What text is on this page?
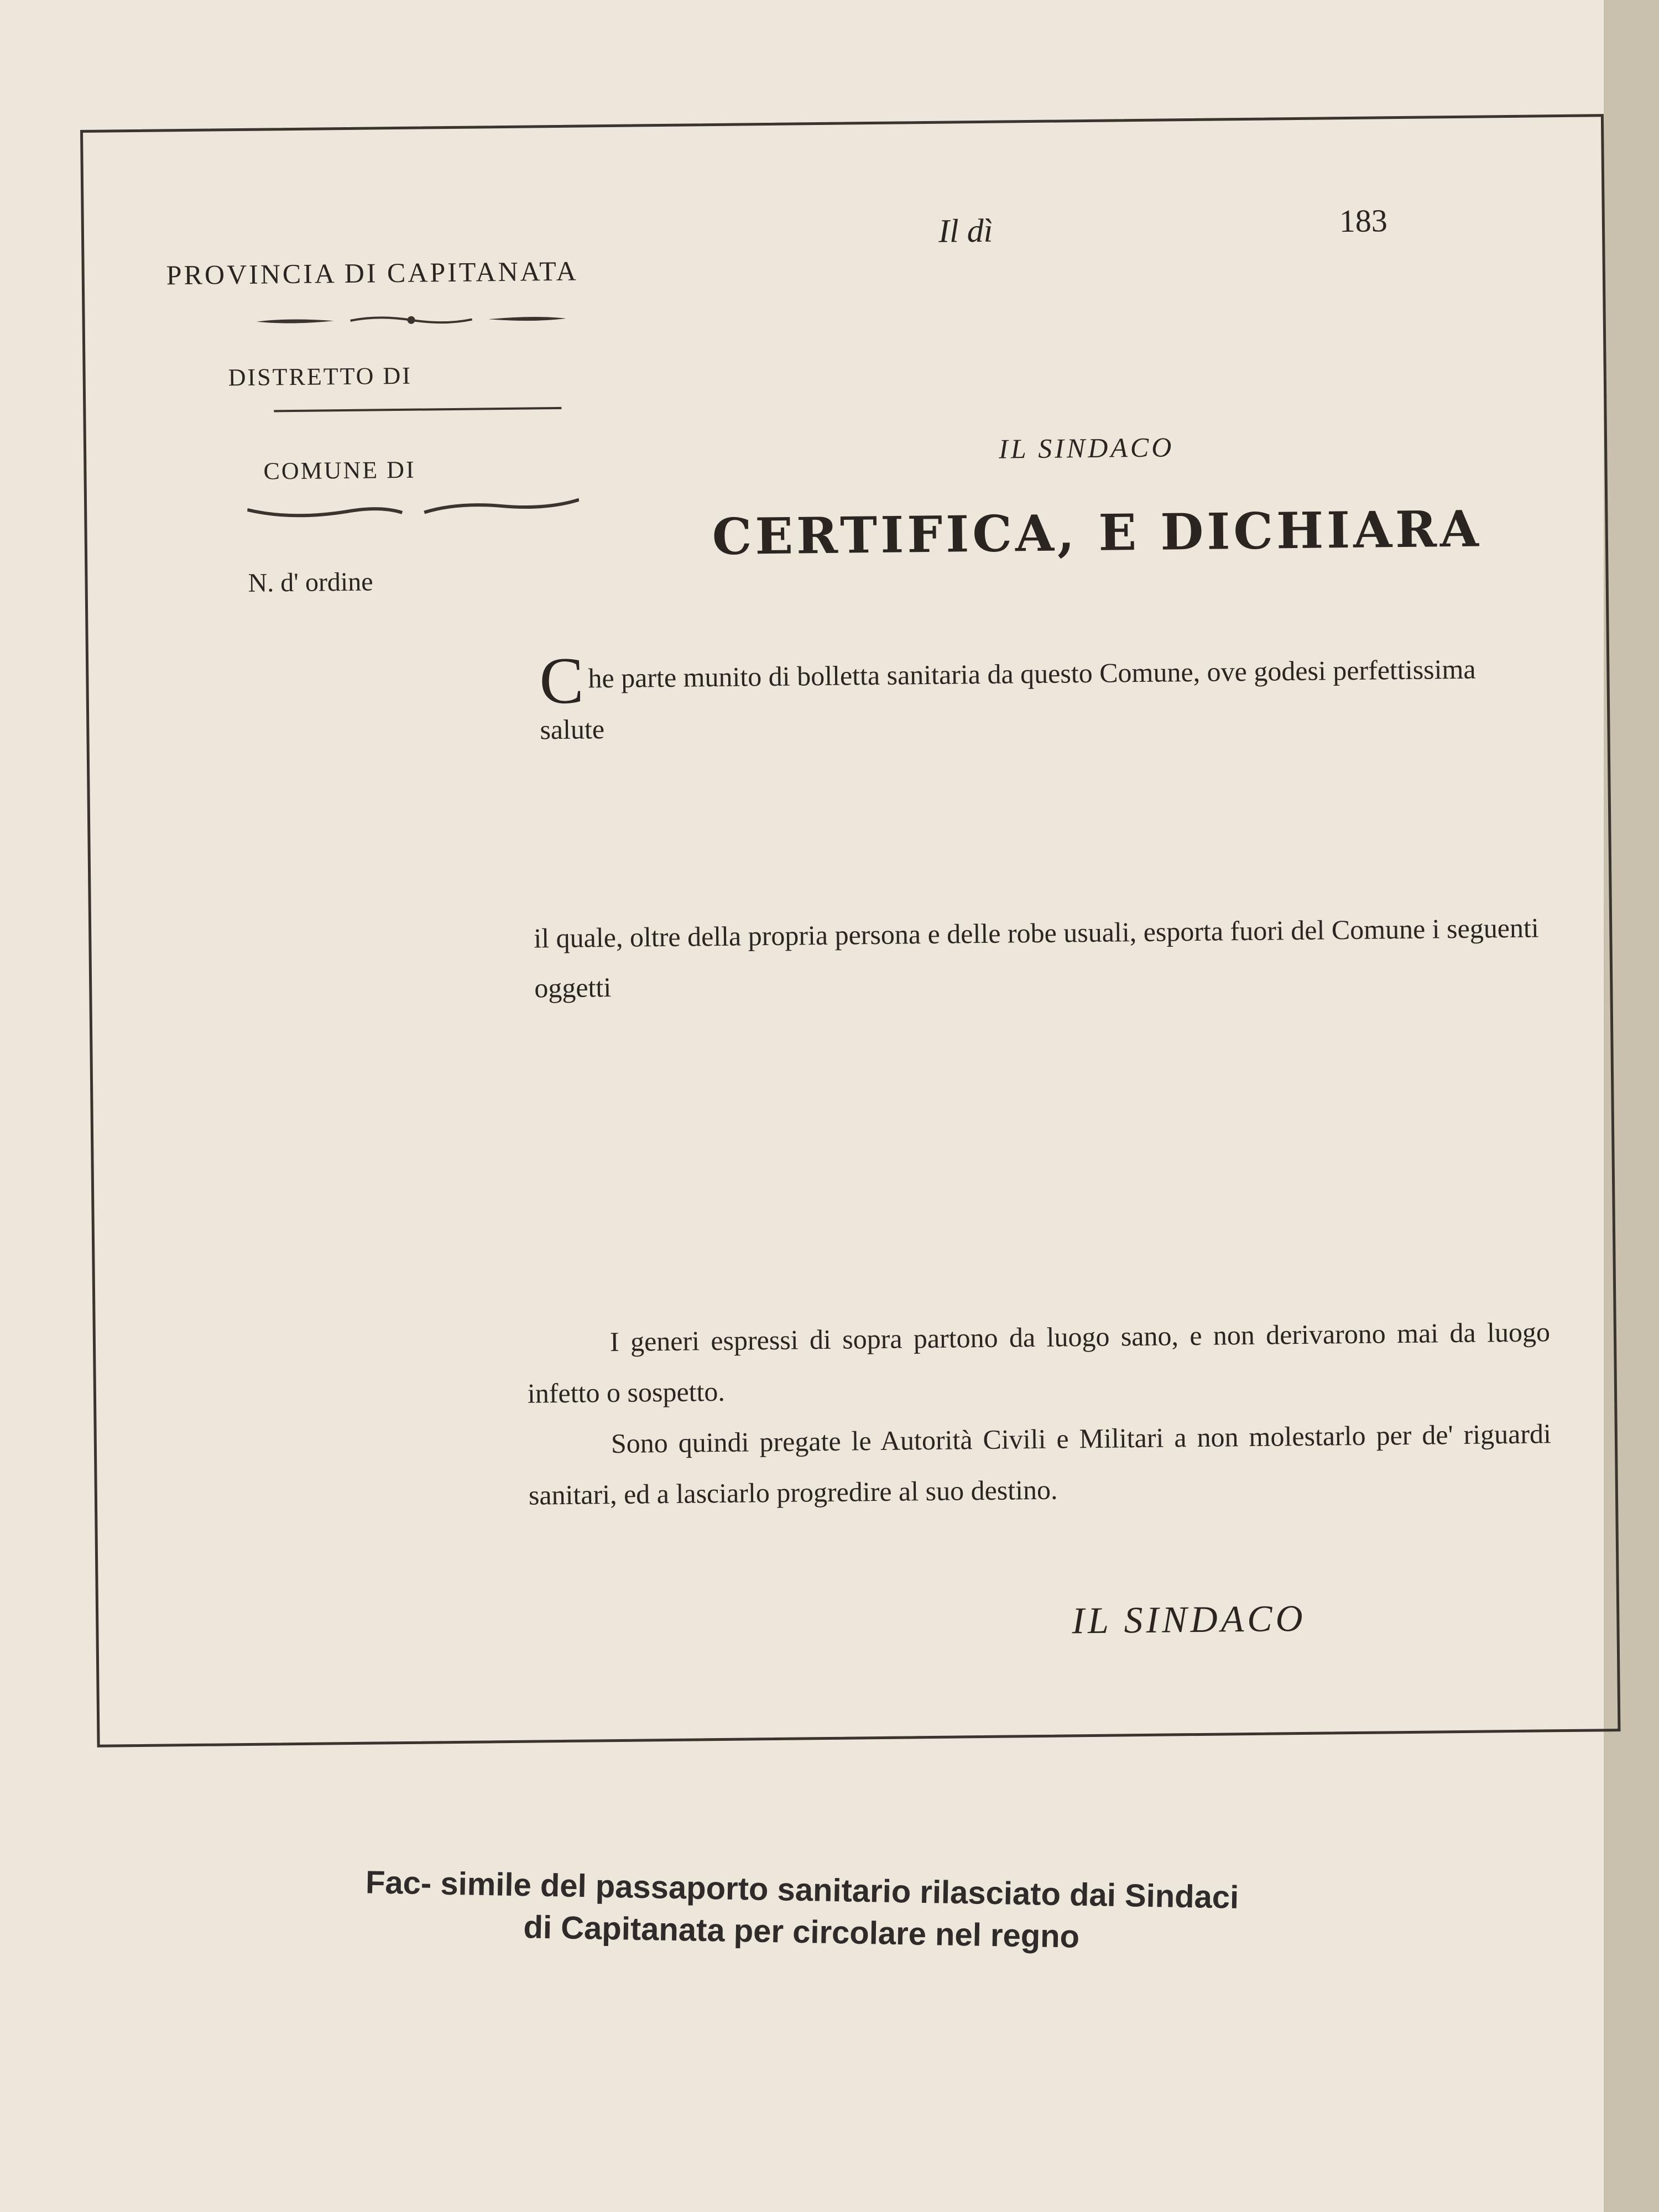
Il dì	183
PROVINCIA DI CAPITANATA
DISTRETTO DI
COMUNE DI
N. d' ordine
IL SINDACO
CERTIFICA, E DICHIARA
Che parte munito di bolletta sanitaria da questo Comune, ove godesi perfettissima salute
il quale, oltre della propria persona e delle robe usuali, esporta fuori del Comune i seguenti oggetti

I generi espressi di sopra partono da luogo sano, e non derivarono mai da luogo infetto o sospetto.

Sono quindi pregate le Autorità Civili e Militari a non molestarlo per de' riguardi sanitari, ed a lasciarlo progredire al suo destino.

IL SINDACO
Fac- simile del passaporto sanitario rilasciato dai Sindaci
di Capitanata per circolare nel regno
